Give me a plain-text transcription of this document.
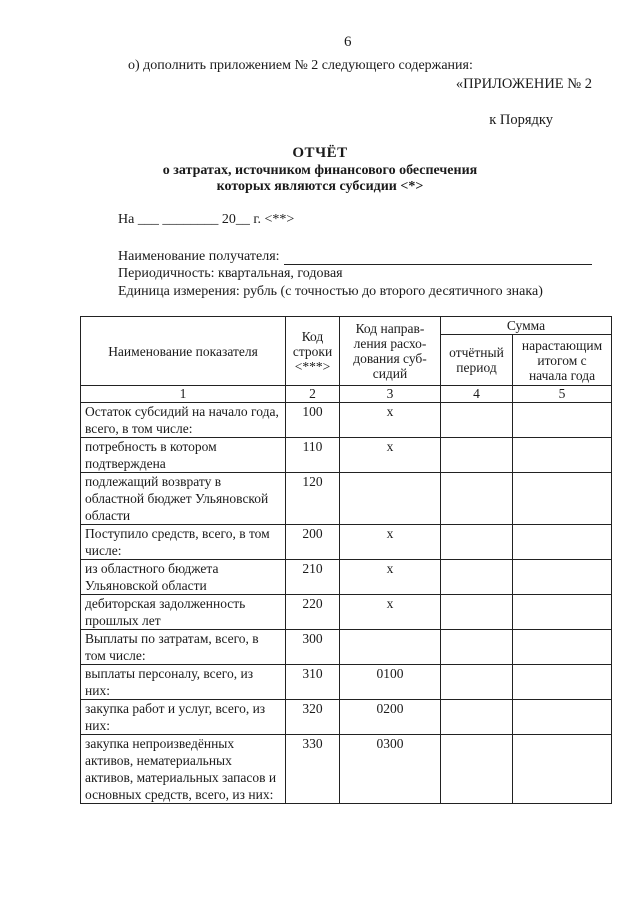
6
о) дополнить приложением № 2 следующего содержания:
«ПРИЛОЖЕНИЕ № 2
к Порядку
ОТЧЁТ
о затратах, источником финансового обеспечения
которых являются субсидии <*>
На ___ ________ 20__ г. <**>
Наименование получателя:
Периодичность: квартальная, годовая
Единица измерения: рубль (с точностью до второго десятичного знака)
Наименование показателя	Код строки <***>	Код направ-ления расхо-дования суб-сидий	Сумма	
			отчётный период	нарастающим итогом с начала года
1	2	3	4	5
Остаток субсидий на начало года, всего, в том числе:	100	х		
потребность в котором подтверждена	110	х		
подлежащий возврату в областной бюджет Ульяновской области	120			
Поступило средств, всего, в том числе:	200	х		
из областного бюджета Ульяновской области	210	х		
дебиторская задолженность прошлых лет	220	х		
Выплаты по затратам, всего, в том числе:	300			
выплаты персоналу, всего, из них:	310	0100		
закупка работ и услуг, всего, из них:	320	0200		
закупка непроизведённых активов, нематериальных активов, материальных запасов и основных средств, всего, из них:	330	0300		
